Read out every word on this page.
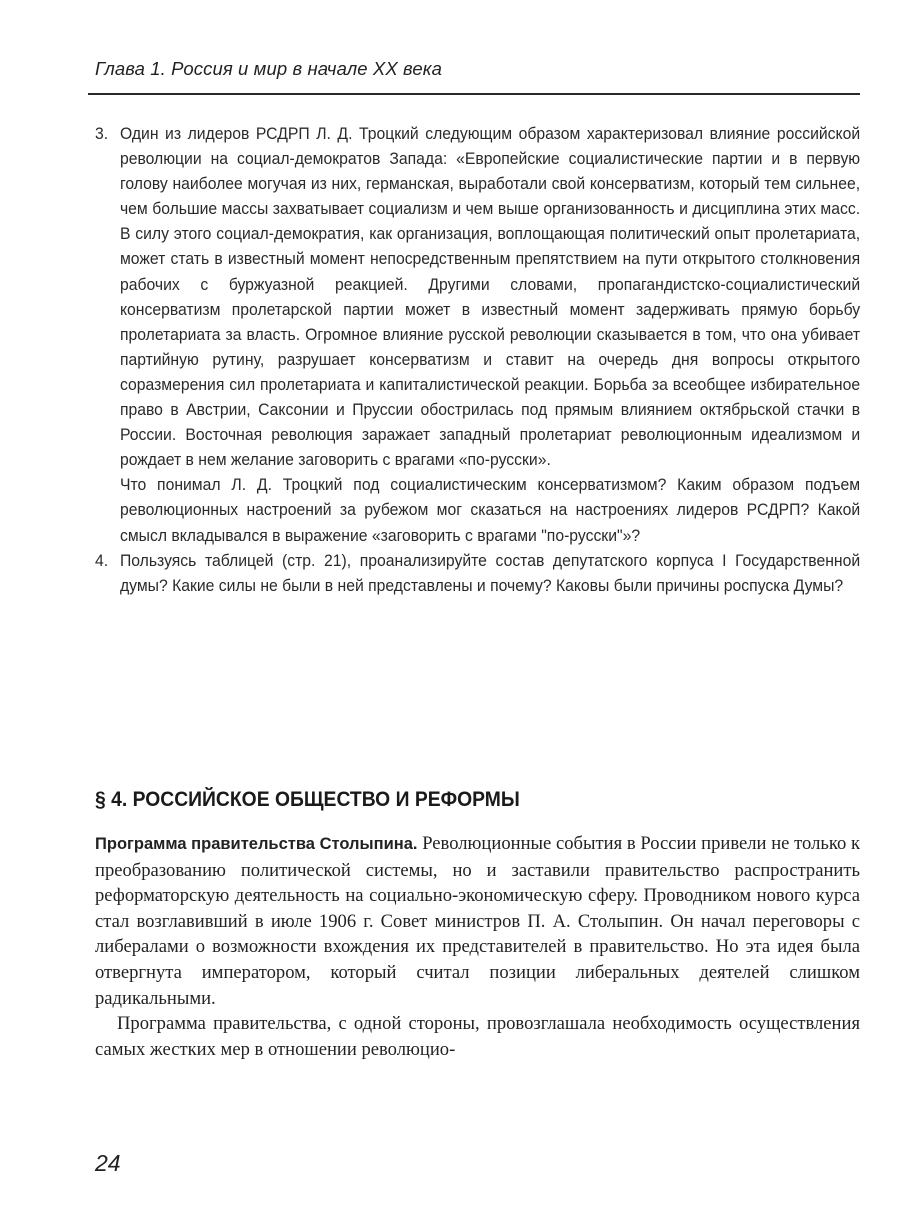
Глава 1. Россия и мир в начале XX века
3. Один из лидеров РСДРП Л. Д. Троцкий следующим образом характеризовал влияние российской революции на социал-демократов Запада: «Европейские социалистические партии и в первую голову наиболее могучая из них, германская, выработали свой консерватизм, который тем сильнее, чем большие массы захватывает социализм и чем выше организованность и дисциплина этих масс. В силу этого социал-демократия, как организация, воплощающая политический опыт пролетариата, может стать в известный момент непосредственным препятствием на пути открытого столкновения рабочих с буржуазной реакцией. Другими словами, пропагандистско-социалистический консерватизм пролетарской партии может в известный момент задерживать прямую борьбу пролетариата за власть. Огромное влияние русской революции сказывается в том, что она убивает партийную рутину, разрушает консерватизм и ставит на очередь дня вопросы открытого соразмерения сил пролетариата и капиталистической реакции. Борьба за всеобщее избирательное право в Австрии, Саксонии и Пруссии обострилась под прямым влиянием октябрьской стачки в России. Восточная революция заражает западный пролетариат революционным идеализмом и рождает в нем желание заговорить с врагами «по-русски».
Что понимал Л. Д. Троцкий под социалистическим консерватизмом? Каким образом подъем революционных настроений за рубежом мог сказаться на настроениях лидеров РСДРП? Какой смысл вкладывался в выражение «заговорить с врагами "по-русски"»?
4. Пользуясь таблицей (стр. 21), проанализируйте состав депутатского корпуса I Государственной думы? Какие силы не были в ней представлены и почему? Каковы были причины роспуска Думы?
§ 4. РОССИЙСКОЕ ОБЩЕСТВО И РЕФОРМЫ

Программа правительства Столыпина. Революционные события в России привели не только к преобразованию политической системы, но и заставили правительство распространить реформаторскую деятельность на социально-экономическую сферу. Проводником нового курса стал возглавивший в июле 1906 г. Совет министров П. А. Столыпин. Он начал переговоры с либералами о возможности вхождения их представителей в правительство. Но эта идея была отвергнута императором, который считал позиции либеральных деятелей слишком радикальными.

Программа правительства, с одной стороны, провозглашала необходимость осуществления самых жестких мер в отношении революцио-

24
